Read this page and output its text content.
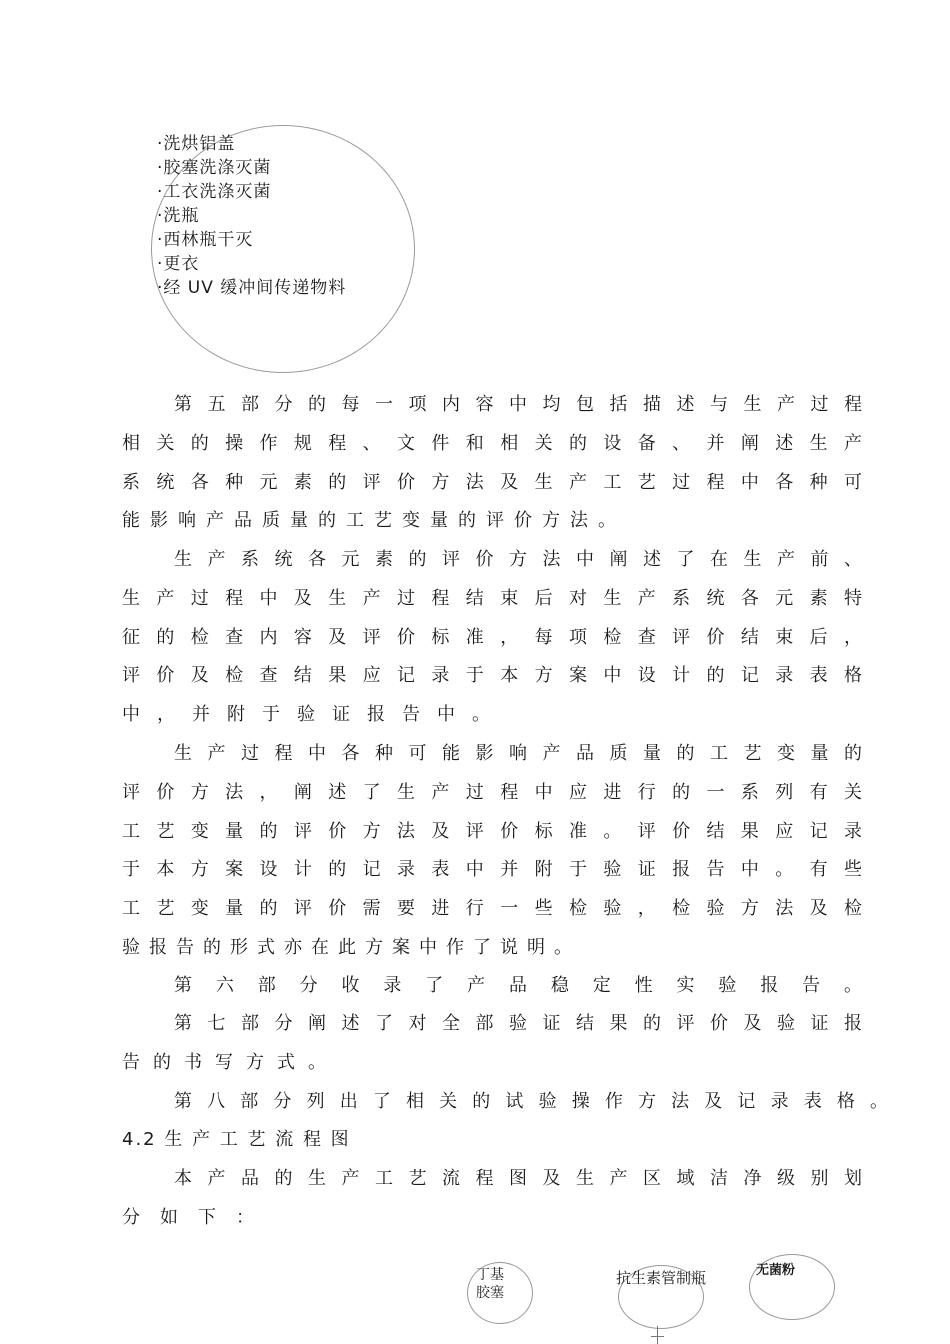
·洗烘铝盖
·胶塞洗涤灭菌
·工衣洗涤灭菌
·洗瓶
·西林瓶干灭
·更衣
·经 UV 缓冲间传递物料
4.2 生 产 工 艺 流 程 图
本产品的生产工艺流程图及生产区域洁净级别划
分如下：
丁基
胶塞
抗生素管制瓶	无菌粉
第五部分的每一项内容中均包括描述与生产过程
相关的操作规程、文件和相关的设备、并阐述生产
系统各种元素的评价方法及生产工艺过程中各种可
能影响产品质量的工艺变量的评价方法。
生产系统各元素的评价方法中阐述了在生产前、
生产过程中及生产过程结束后对生产系统各元素特
征的检查内容及评价标准，每项检查评价结束后，
评价及检查结果应记录于本方案中设计的记录表格
中，并附于验证报告中。
生产过程中各种可能影响产品质量的工艺变量的
评价方法，阐述了生产过程中应进行的一系列有关
工艺变量的评价方法及评价标准。评价结果应记录
于本方案设计的记录表中并附于验证报告中。有些
工艺变量的评价需要进行一些检验，检验方法及检
验报告的形式亦在此方案中作了说明。
第六部分收录了产品稳定性实验报告。
第七部分阐述了对全部验证结果的评价及验证报
告的书写方式。
第八部分列出了相关的试验操作方法及记录表格。
